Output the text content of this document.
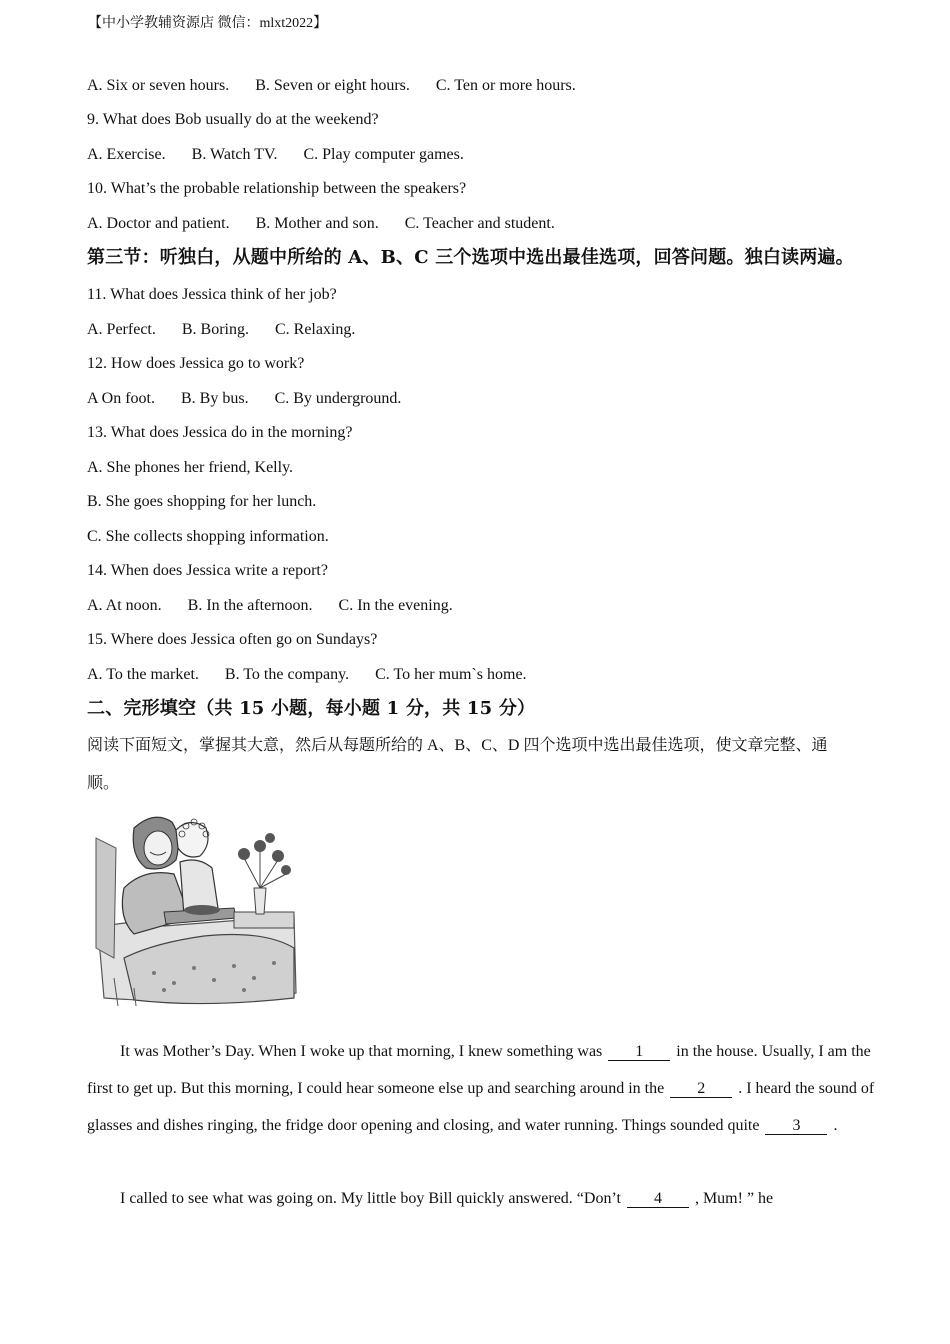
【中小学教辅资源店 微信：mlxt2022】
A. Six or seven hours. B. Seven or eight hours. C. Ten or more hours.
9. What does Bob usually do at the weekend?
A. Exercise. B. Watch TV. C. Play computer games.
10. What’s the probable relationship between the speakers?
A. Doctor and patient. B. Mother and son. C. Teacher and student.
第三节：听独白，从题中所给的 A、B、C 三个选项中选出最佳选项，回答问题。独白读两遍。
11. What does Jessica think of her job?
A. Perfect. B. Boring. C. Relaxing.
12. How does Jessica go to work?
A On foot. B. By bus. C. By underground.
13. What does Jessica do in the morning?
A. She phones her friend, Kelly.
B. She goes shopping for her lunch.
C. She collects shopping information.
14. When does Jessica write a report?
A. At noon. B. In the afternoon. C. In the evening.
15. Where does Jessica often go on Sundays?
A. To the market. B. To the company. C. To her mum`s home.
二、完形填空（共 15 小题，每小题 1 分，共 15 分）
阅读下面短文，掌握其大意，然后从每题所给的 A、B、C、D 四个选项中选出最佳选项，使文章完整、通
顺。
It was Mother’s Day. When I woke up that morning, I knew something was 1 in the house. Usually, I am the first to get up. But this morning, I could hear someone else up and searching around in the 2 . I heard the sound of glasses and dishes ringing, the fridge door opening and closing, and water running. Things sounded quite 3 .
I called to see what was going on. My little boy Bill quickly answered. “Don’t 4 , Mum! ” he
